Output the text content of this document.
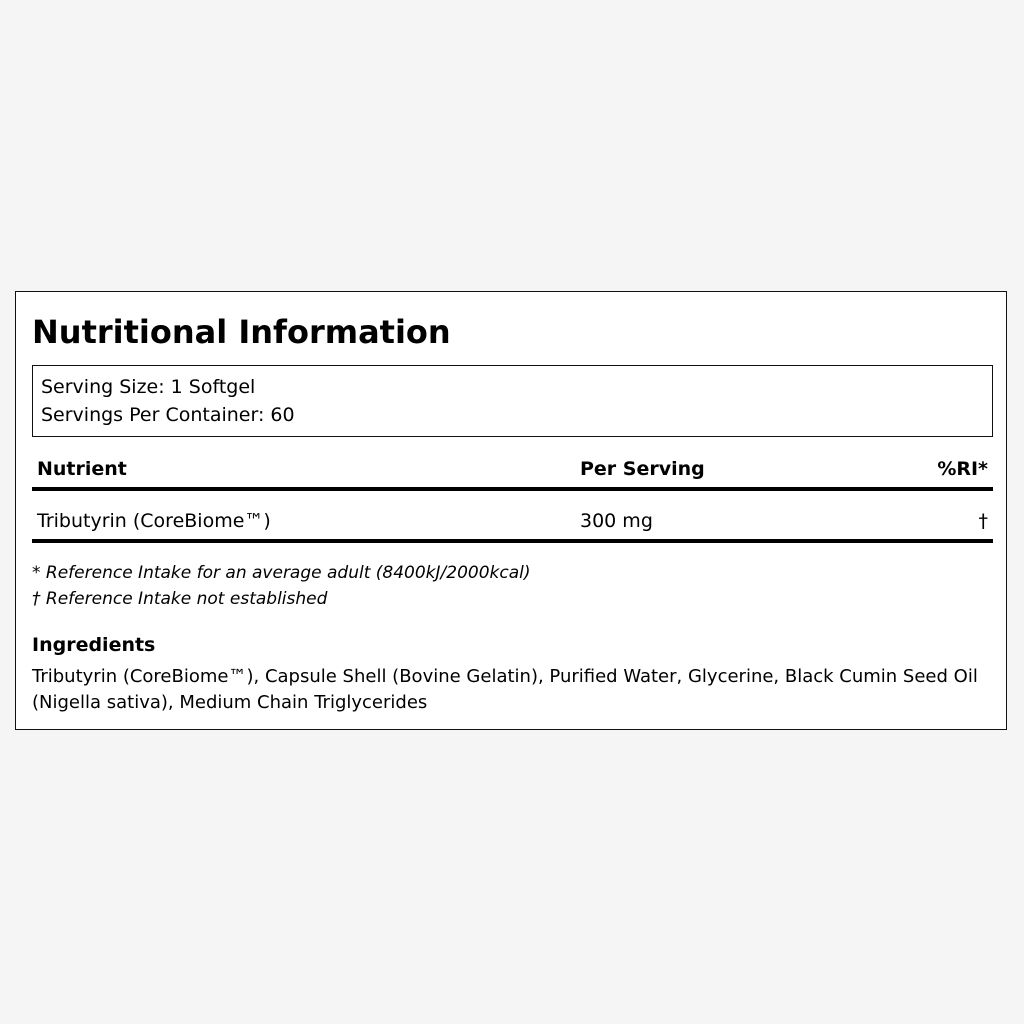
Nutritional Information
Serving Size: 1 Softgel
Servings Per Container: 60
Nutrient	Per Serving	%RI*
Tributyrin (CoreBiome™)	300 mg	†
* Reference Intake for an average adult (8400kJ/2000kcal)
† Reference Intake not established
Ingredients

Tributyrin (CoreBiome™), Capsule Shell (Bovine Gelatin), Purified Water, Glycerine, Black Cumin Seed Oil (Nigella sativa), Medium Chain Triglycerides
